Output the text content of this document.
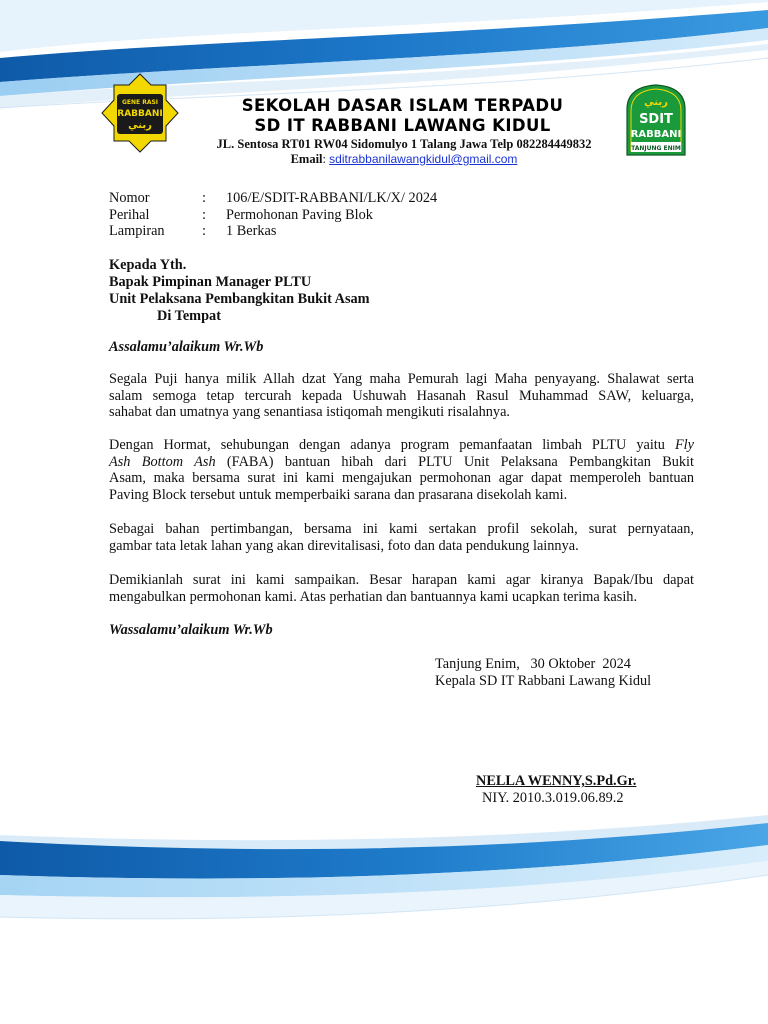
GENE RASI
RABBANI
ربني
ربني
SDIT
RABBANI
TANJUNG ENIM
SEKOLAH DASAR ISLAM TERPADU
SD IT RABBANI LAWANG KIDUL
JL. Sentosa RT01 RW04 Sidomulyo 1 Talang Jawa Telp 082284449832
Email: sditrabbanilawangkidul@gmail.com
Nomor	: 106/E/SDIT-RABBANI/LK/X/ 2024
Perihal	: Permohonan Paving Blok
Lampiran	: 1 Berkas
Kepada Yth.
Bapak Pimpinan Manager PLTU
Unit Pelaksana Pembangkitan Bukit Asam
Di Tempat
Assalamu’alaikum Wr.Wb
Segala Puji hanya milik Allah dzat Yang maha Pemurah lagi Maha penyayang. Shalawat serta
salam semoga tetap tercurah kepada Ushuwah Hasanah Rasul Muhammad SAW, keluarga,
sahabat dan umatnya yang senantiasa istiqomah mengikuti risalahnya.
Dengan Hormat, sehubungan dengan adanya program pemanfaatan limbah PLTU yaitu Fly
Ash Bottom Ash (FABA) bantuan hibah dari PLTU Unit Pelaksana Pembangkitan Bukit
Asam, maka bersama surat ini kami mengajukan permohonan agar dapat memperoleh bantuan
Paving Block tersebut untuk memperbaiki sarana dan prasarana disekolah kami.
Sebagai bahan pertimbangan, bersama ini kami sertakan profil sekolah, surat pernyataan,
gambar tata letak lahan yang akan direvitalisasi, foto dan data pendukung lainnya.
Demikianlah surat ini kami sampaikan. Besar harapan kami agar kiranya Bapak/Ibu dapat
mengabulkan permohonan kami. Atas perhatian dan bantuannya kami ucapkan terima kasih.
Wassalamu’alaikum Wr.Wb
Tanjung Enim,   30 Oktober  2024
Kepala SD IT Rabbani Lawang Kidul
NELLA WENNY,S.Pd.Gr.
NIY. 2010.3.019.06.89.2
